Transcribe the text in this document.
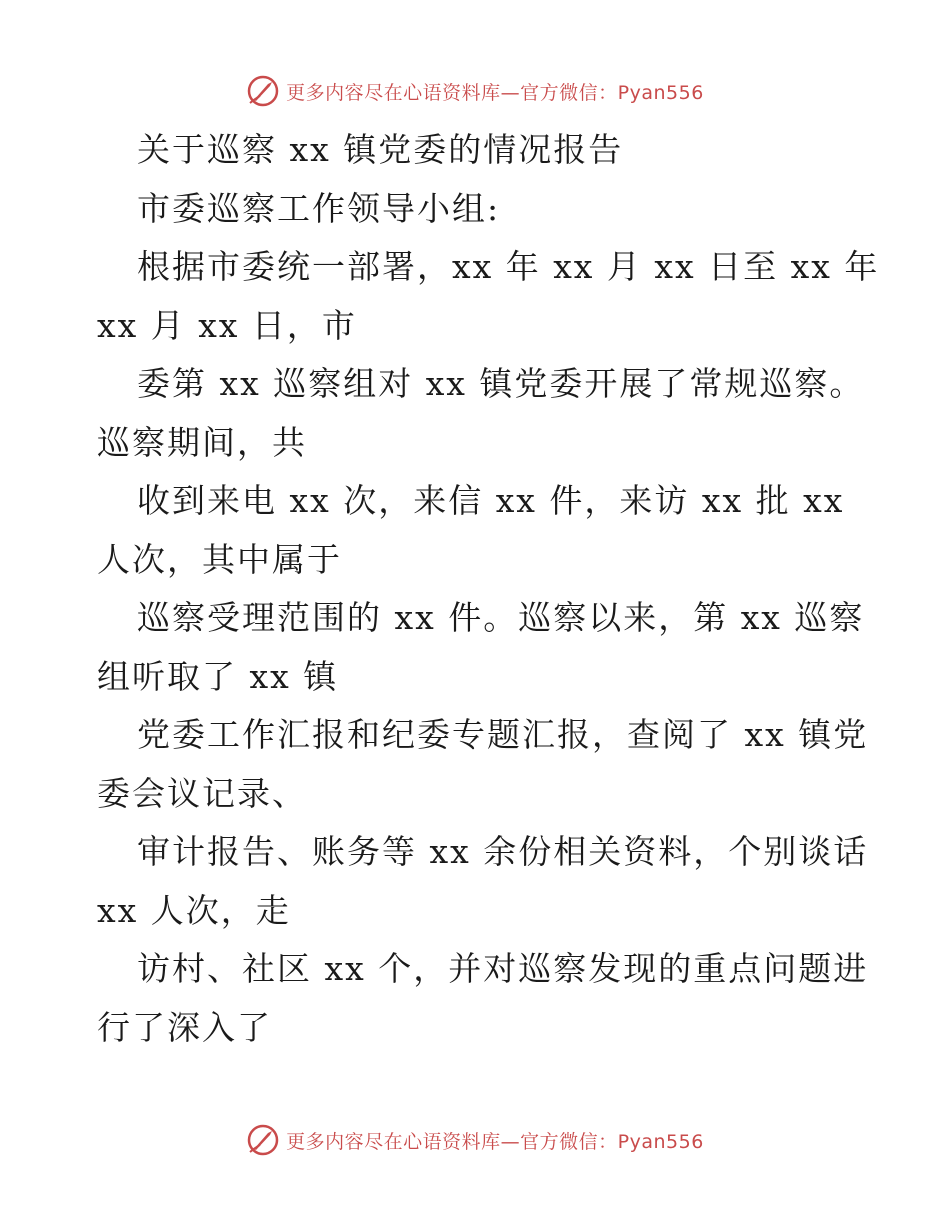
更多内容尽在心语资料库—官方微信：Pyan556
关于巡察 xx 镇党委的情况报告
市委巡察工作领导小组:
根据市委统一部署，xx 年 xx 月 xx 日至 xx 年
xx 月 xx 日，市
委第 xx 巡察组对 xx 镇党委开展了常规巡察。
巡察期间，共
收到来电 xx 次，来信 xx 件，来访 xx 批 xx
人次，其中属于
巡察受理范围的 xx 件。巡察以来，第 xx 巡察
组听取了 xx 镇
党委工作汇报和纪委专题汇报，查阅了 xx 镇党
委会议记录、
审计报告、账务等 xx 余份相关资料，个别谈话
xx 人次，走
访村、社区 xx 个，并对巡察发现的重点问题进
行了深入了
更多内容尽在心语资料库—官方微信：Pyan556
